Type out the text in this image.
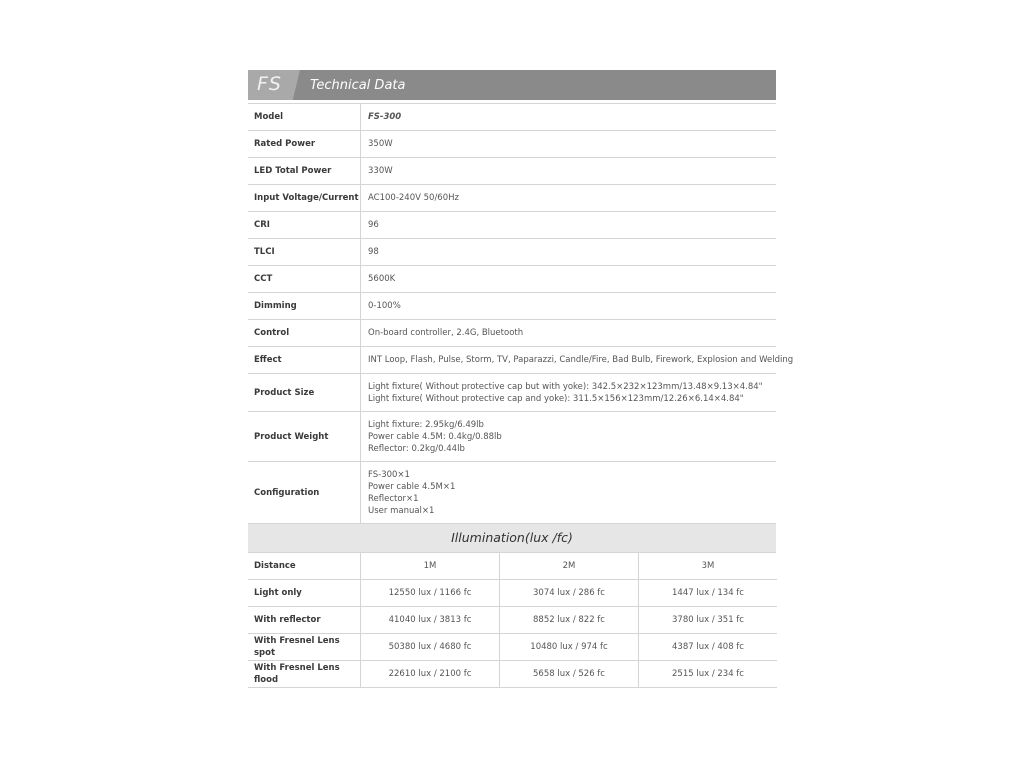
FS Technical Data
Model	FS-300

Rated Power	350W

LED Total Power	330W

Input Voltage/Current	AC100-240V 50/60Hz

CRI	96

TLCI	98

CCT	5600K

Dimming	0-100%

Control	On-board controller, 2.4G, Bluetooth

Effect	INT Loop, Flash, Pulse, Storm, TV, Paparazzi, Candle/Fire, Bad Bulb, Firework, Explosion and Welding

Product Size	Light fixture( Without protective cap but with yoke): 342.5×232×123mm/13.48×9.13×4.84"
Light fixture( Without protective cap and yoke): 311.5×156×123mm/12.26×6.14×4.84"

Product Weight	Light fixture: 2.95kg/6.49lb
Power cable 4.5M: 0.4kg/0.88lb
Reflector: 0.2kg/0.44lb

Configuration	FS-300×1
Power cable 4.5M×1
Reflector×1
User manual×1
Illumination(lux /fc)
Distance	1M	2M	3M
Light only	12550 lux / 1166 fc	3074 lux / 286 fc	1447 lux / 134 fc
With reflector	41040 lux / 3813 fc	8852 lux / 822 fc	3780 lux / 351 fc
With Fresnel Lens spot	50380 lux / 4680 fc	10480 lux / 974 fc	4387 lux / 408 fc
With Fresnel Lens flood	22610 lux / 2100 fc	5658 lux / 526 fc	2515 lux / 234 fc
